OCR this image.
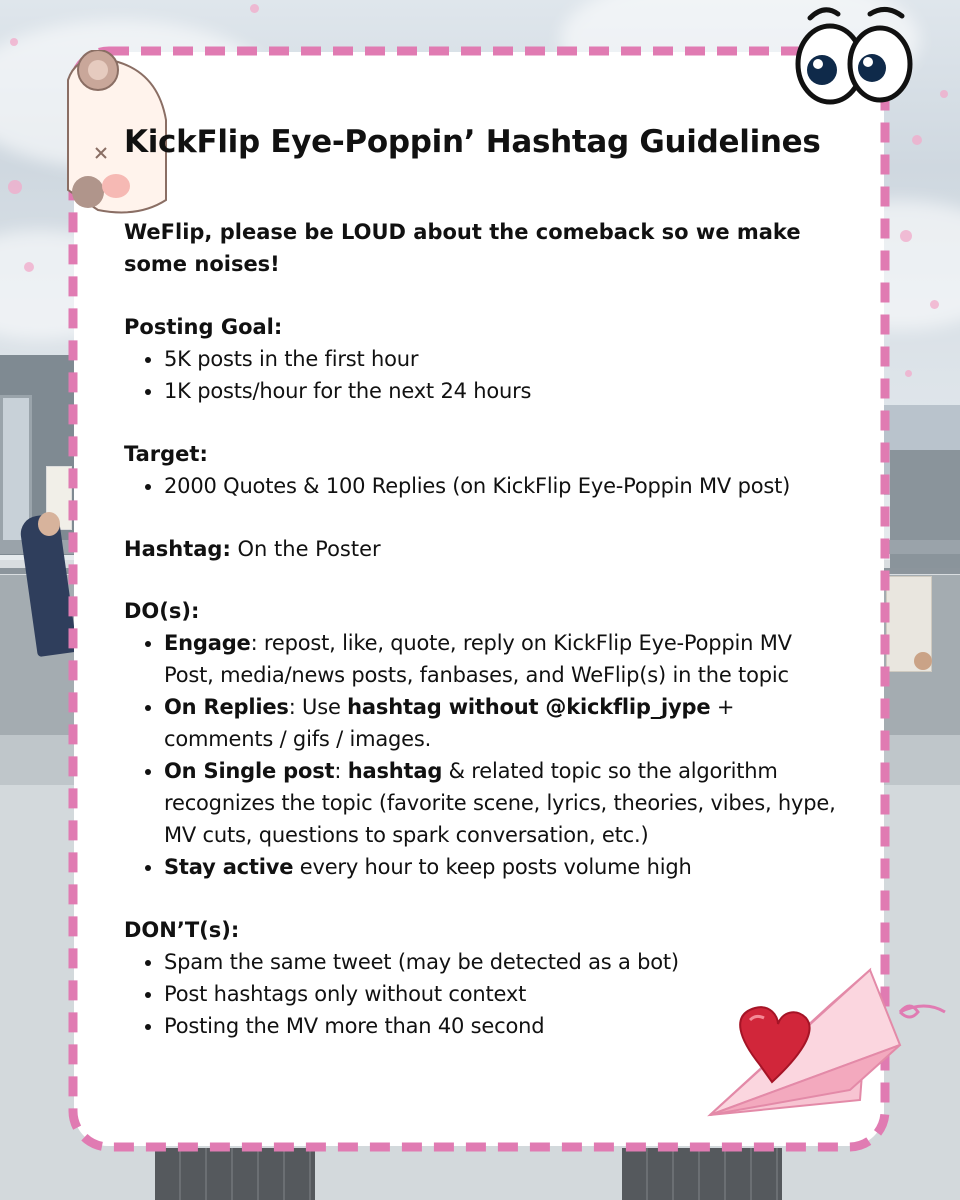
KickFlip Eye-Poppin’ Hashtag Guidelines
WeFlip, please be LOUD about the comeback so we make some noises!
Posting Goal:
• 5K posts in the first hour
• 1K posts/hour for the next 24 hours
Target:
• 2000 Quotes & 100 Replies (on KickFlip Eye-Poppin MV post)
Hashtag: On the Poster
DO(s):
• Engage: repost, like, quote, reply on KickFlip Eye-Poppin MV Post, media/news posts, fanbases, and WeFlip(s) in the topic
• On Replies: Use hashtag without @kickflip_jype + comments / gifs / images.
• On Single post: hashtag & related topic so the algorithm recognizes the topic (favorite scene, lyrics, theories, vibes, hype, MV cuts, questions to spark conversation, etc.)
• Stay active every hour to keep posts volume high
DON’T(s):
• Spam the same tweet (may be detected as a bot)
• Post hashtags only without context
• Posting the MV more than 40 second
